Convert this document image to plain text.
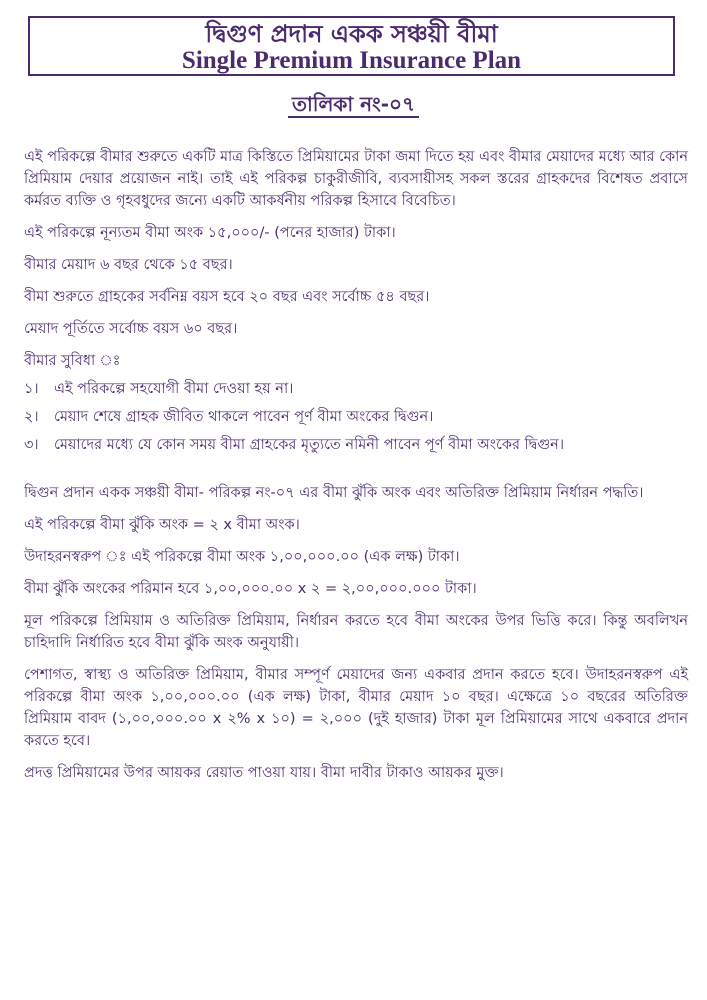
দ্বিগুণ প্রদান একক সঞ্চয়ী বীমা
Single Premium Insurance Plan
তালিকা নং-০৭

এই পরিকল্পে বীমার শুরুতে একটি মাত্র কিস্তিতে প্রিমিয়ামের টাকা জমা দিতে হয় এবং বীমার মেয়াদের মধ্যে আর কোন প্রিমিয়াম দেয়ার প্রয়োজন নাই। তাই এই পরিকল্প চাকুরীজীবি, ব্যবসায়ীসহ সকল স্তরের গ্রাহকদের বিশেষত প্রবাসে কর্মরত ব্যক্তি ও গৃহবধুদের জন্যে একটি আকর্ষনীয় পরিকল্প হিসাবে বিবেচিত।

এই পরিকল্পে নূন্যতম বীমা অংক ১৫,০০০/- (পনের হাজার) টাকা।

বীমার মেয়াদ ৬ বছর থেকে ১৫ বছর।

বীমা শুরুতে গ্রাহকের সর্বনিম্ন বয়স হবে ২০ বছর এবং সর্বোচ্চ ৫৪ বছর।

মেয়াদ পূর্তিতে সর্বোচ্চ বয়স ৬০ বছর।

বীমার সুবিধা ঃ

১।	এই পরিকল্পে সহযোগী বীমা দেওয়া হয় না।
২।	মেয়াদ শেষে গ্রাহক জীবিত থাকলে পাবেন পূর্ণ বীমা অংকের দ্বিগুন।
৩।	মেয়াদের মধ্যে যে কোন সময় বীমা গ্রাহকের মৃত্যুতে নমিনী পাবেন পূর্ণ বীমা অংকের দ্বিগুন।

দ্বিগুন প্রদান একক সঞ্চয়ী বীমা- পরিকল্প নং-০৭ এর বীমা ঝুঁকি অংক এবং অতিরিক্ত প্রিমিয়াম নির্ধারন পদ্ধতি।

এই পরিকল্পে বীমা ঝুঁকি অংক = ২ x বীমা অংক।

উদাহরনস্বরুপ ঃ এই পরিকল্পে বীমা অংক ১,০০,০০০.০০ (এক লক্ষ) টাকা।

বীমা ঝুঁকি অংকের পরিমান হবে ১,০০,০০০.০০ x ২ = ২,০০,০০০.০০০ টাকা।

মূল পরিকল্পে প্রিমিয়াম ও অতিরিক্ত প্রিমিয়াম, নির্ধারন করতে হবে বীমা অংকের উপর ভিত্তি করে। কিন্তু অবলিখন চাহিদাদি নির্ধারিত হবে বীমা ঝুঁকি অংক অনুযায়ী।

পেশাগত, স্বাস্থ্য ও অতিরিক্ত প্রিমিয়াম, বীমার সম্পূর্ণ মেয়াদের জন্য একবার প্রদান করতে হবে। উদাহরনস্বরুপ এই পরিকল্পে বীমা অংক ১,০০,০০০.০০ (এক লক্ষ) টাকা, বীমার মেয়াদ ১০ বছর। এক্ষেত্রে ১০ বছরের অতিরিক্ত প্রিমিয়াম বাবদ (১,০০,০০০.০০ x ২% x ১০) = ২,০০০ (দুই হাজার) টাকা মূল প্রিমিয়ামের সাথে একবারে প্রদান করতে হবে।

প্রদত্ত প্রিমিয়ামের উপর আয়কর রেয়াত পাওয়া যায়। বীমা দাবীর টাকাও আয়কর মুক্ত।
